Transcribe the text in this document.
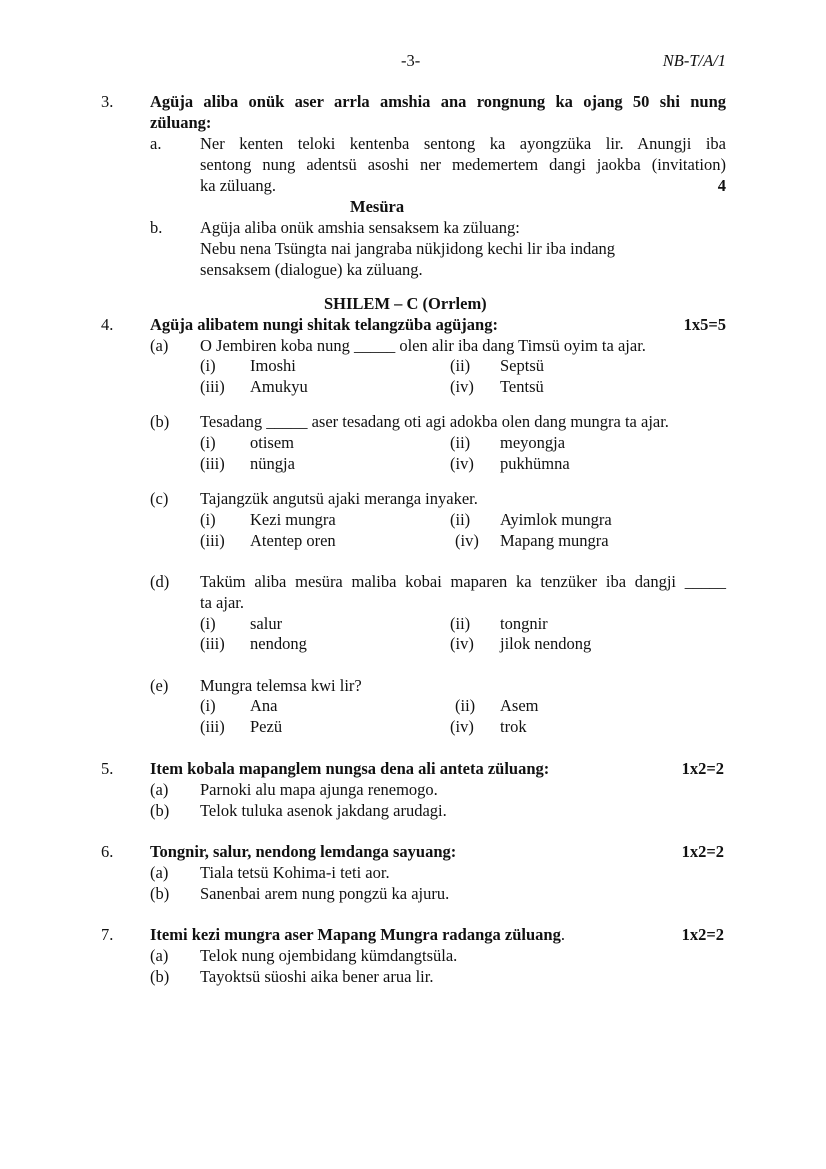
-3-	NB-T/A/1
3. Agüja aliba onük aser arrla amshia ana rongnung ka ojang 50 shi nung
züluang:
a. Ner kenten teloki kentenba sentong ka ayongzüka lir. Anungji iba
sentong nung adentsü asoshi ner medemertem dangi jaokba (invitation)
ka züluang.	4
Mesüra
b. Agüja aliba onük amshia sensaksem ka züluang:
Nebu nena Tsüngta nai jangraba nükjidong kechi lir iba indang
sensaksem (dialogue) ka züluang.
SHILEM – C (Orrlem)
4. Agüja alibatem nungi shitak telangzüba agüjang:	1x5=5
(a) O Jembiren koba nung _____ olen alir iba dang Timsü oyim ta ajar.
(i) Imoshi	(ii) Septsü
(iii) Amukyu	(iv) Tentsü
(b) Tesadang _____ aser tesadang oti agi adokba olen dang mungra ta ajar.
(i) otisem	(ii) meyongja
(iii) nüngja	(iv) pukhümna
(c) Tajangzük angutsü ajaki meranga inyaker.
(i) Kezi mungra	(ii) Ayimlok mungra
(iii) Atentep oren	(iv) Mapang mungra
(d) Taküm aliba mesüra maliba kobai maparen ka tenzüker iba dangji _____
ta ajar.
(i) salur	(ii) tongnir
(iii) nendong	(iv) jilok nendong
(e) Mungra telemsa kwi lir?
(i) Ana	(ii) Asem
(iii) Pezü	(iv) trok
5. Item kobala mapanglem nungsa dena ali anteta züluang:	1x2=2
(a) Parnoki alu mapa ajunga renemogo.
(b) Telok tuluka asenok jakdang arudagi.
6. Tongnir, salur, nendong lemdanga sayuang:	1x2=2
(a) Tiala tetsü Kohima-i teti aor.
(b) Sanenbai arem nung pongzü ka ajuru.
7. Itemi kezi mungra aser Mapang Mungra radanga züluang.	1x2=2
(a) Telok nung ojembidang kümdangtsüla.
(b) Tayoktsü süoshi aika bener arua lir.
